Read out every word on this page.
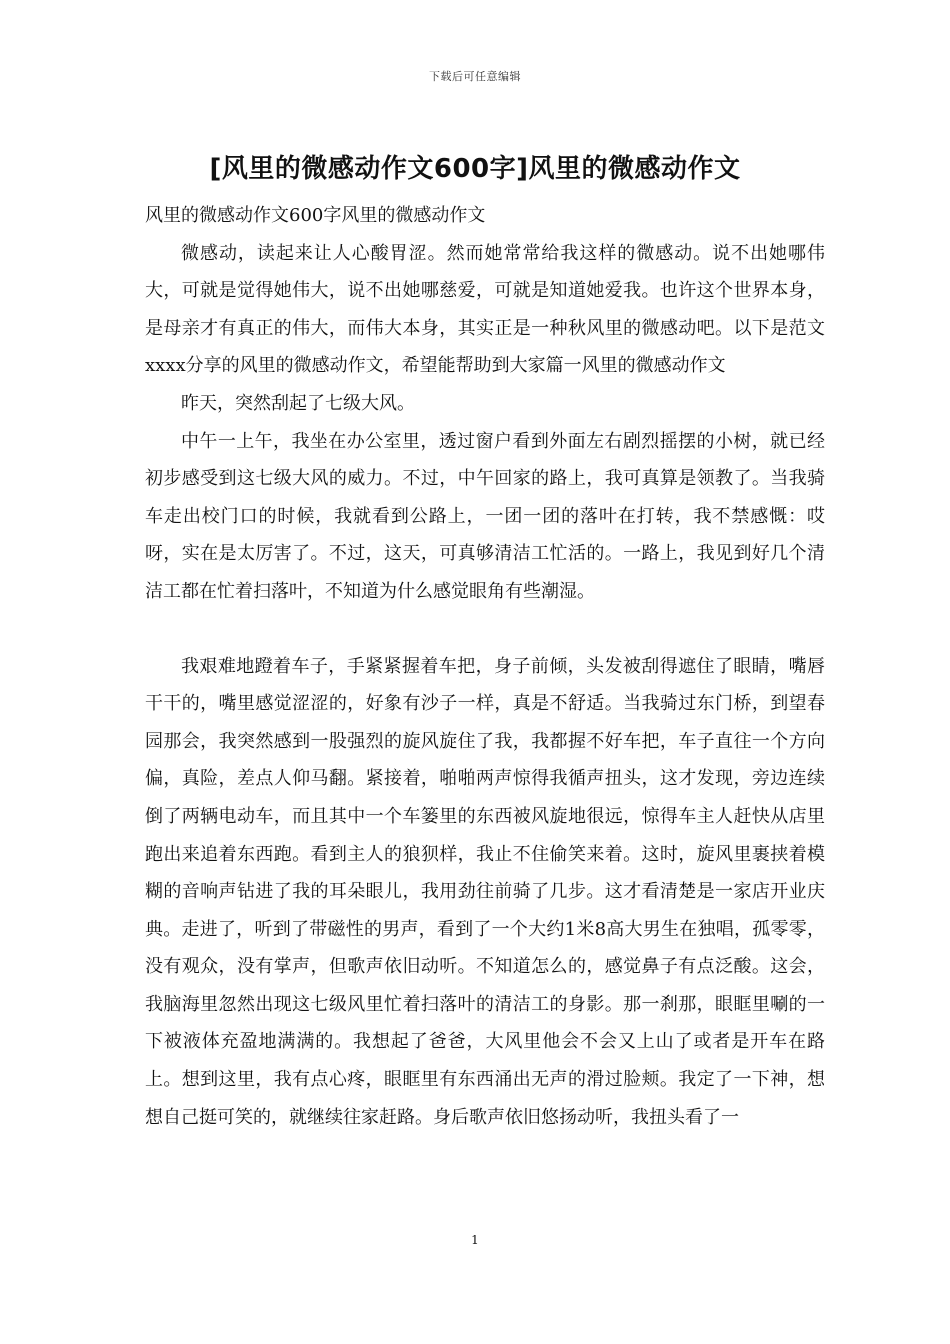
下载后可任意编辑
[风里的微感动作文600字]风里的微感动作文

风里的微感动作文600字风里的微感动作文

微感动，读起来让人心酸胃涩。然而她常常给我这样的微感动。说不出她哪伟大，可就是觉得她伟大，说不出她哪慈爱，可就是知道她爱我。也许这个世界本身，是母亲才有真正的伟大，而伟大本身，其实正是一种秋风里的微感动吧。以下是范文xxxx分享的风里的微感动作文，希望能帮助到大家篇一风里的微感动作文

昨天，突然刮起了七级大风。

中午一上午，我坐在办公室里，透过窗户看到外面左右剧烈摇摆的小树，就已经初步感受到这七级大风的威力。不过，中午回家的路上，我可真算是领教了。当我骑车走出校门口的时候，我就看到公路上，一团一团的落叶在打转，我不禁感慨：哎呀，实在是太厉害了。不过，这天，可真够清洁工忙活的。一路上，我见到好几个清洁工都在忙着扫落叶，不知道为什么感觉眼角有些潮湿。

我艰难地蹬着车子，手紧紧握着车把，身子前倾，头发被刮得遮住了眼睛，嘴唇干干的，嘴里感觉涩涩的，好象有沙子一样，真是不舒适。当我骑过东门桥，到望春园那会，我突然感到一股强烈的旋风旋住了我，我都握不好车把，车子直往一个方向偏，真险，差点人仰马翻。紧接着，啪啪两声惊得我循声扭头，这才发现，旁边连续倒了两辆电动车，而且其中一个车篓里的东西被风旋地很远，惊得车主人赶快从店里跑出来追着东西跑。看到主人的狼狈样，我止不住偷笑来着。这时，旋风里裹挟着模糊的音响声钻进了我的耳朵眼儿，我用劲往前骑了几步。这才看清楚是一家店开业庆典。走进了，听到了带磁性的男声，看到了一个大约1米8高大男生在独唱，孤零零，没有观众，没有掌声，但歌声依旧动听。不知道怎么的，感觉鼻子有点泛酸。这会，我脑海里忽然出现这七级风里忙着扫落叶的清洁工的身影。那一刹那，眼眶里唰的一下被液体充盈地满满的。我想起了爸爸，大风里他会不会又上山了或者是开车在路上。想到这里，我有点心疼，眼眶里有东西涌出无声的滑过脸颊。我定了一下神，想想自己挺可笑的，就继续往家赶路。身后歌声依旧悠扬动听，我扭头看了一

1
